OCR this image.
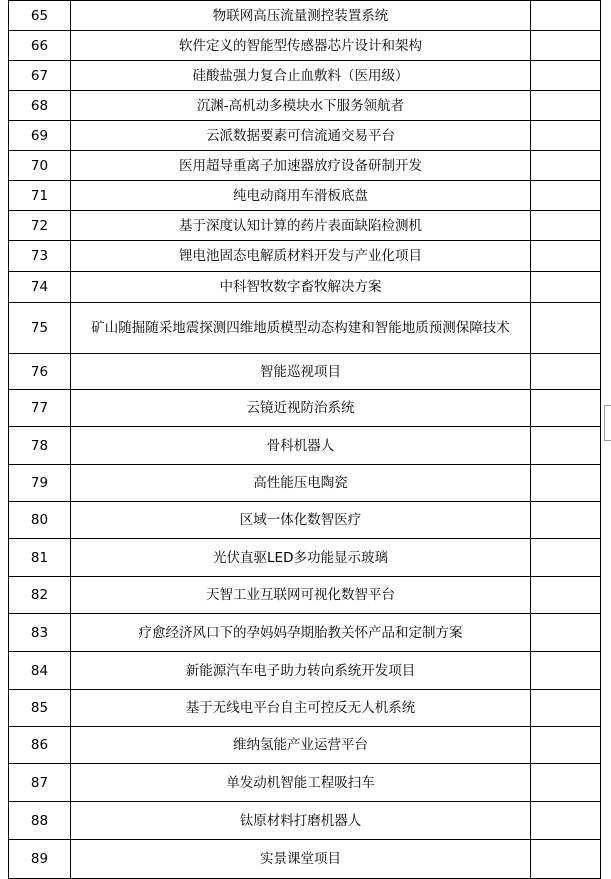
65	物联网高压流量测控装置系统	
66	软件定义的智能型传感器芯片设计和架构	
67	硅酸盐强力复合止血敷料（医用级）	
68	沉渊-高机动多模块水下服务领航者	
69	云派数据要素可信流通交易平台	
70	医用超导重离子加速器放疗设备研制开发	
71	纯电动商用车滑板底盘	
72	基于深度认知计算的药片表面缺陷检测机	
73	锂电池固态电解质材料开发与产业化项目	
74	中科智牧数字畜牧解决方案	
75	矿山随掘随采地震探测四维地质模型动态构建和智能地质预测保障技术	
76	智能巡视项目	
77	云镜近视防治系统	
78	骨科机器人	
79	高性能压电陶瓷	
80	区域一体化数智医疗	
81	光伏直驱LED多功能显示玻璃	
82	天智工业互联网可视化数智平台	
83	疗愈经济风口下的孕妈妈孕期胎教关怀产品和定制方案	
84	新能源汽车电子助力转向系统开发项目	
85	基于无线电平台自主可控反无人机系统	
86	维纳氢能产业运营平台	
87	单发动机智能工程吸扫车	
88	钛原材料打磨机器人	
89	实景课堂项目	
